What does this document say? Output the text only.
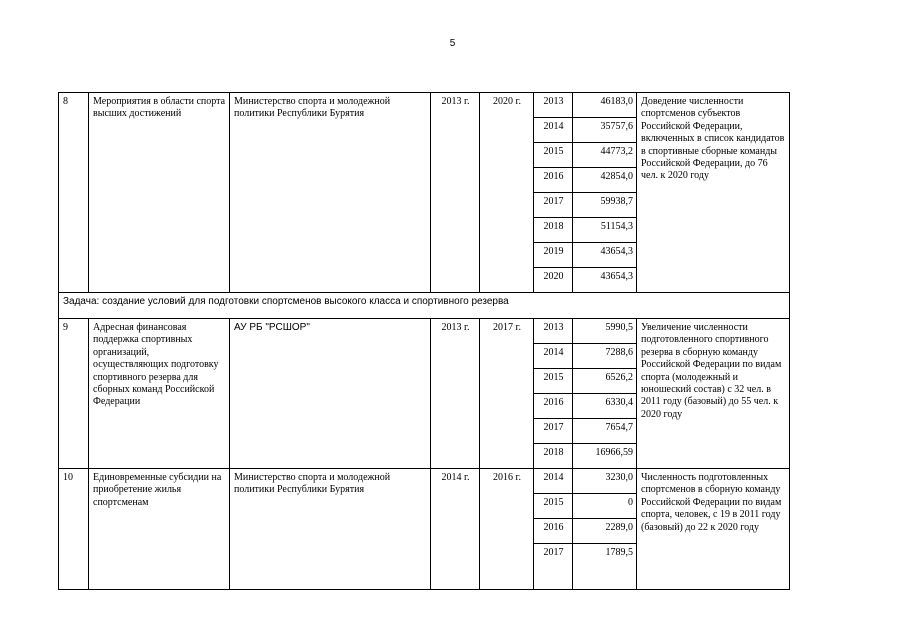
5
8	Мероприятия в области спорта высших достижений	Министерство спорта и молодежной политики Республики Бурятия	2013 г.	2020 г.	2013	46183,0	Доведение численности спортсменов субъектов Российской Федерации, включенных в список кандидатов в спортивные сборные команды Российской Федерации, до 76 чел. к 2020 году
					2014	35757,6	
					2015	44773,2	
					2016	42854,0	
					2017	59938,7	
					2018	51154,3	
					2019	43654,3	
					2020	43654,3	
Задача: создание условий для подготовки спортсменов высокого класса и спортивного резерва							
9	Адресная финансовая поддержка спортивных организаций, осуществляющих подготовку спортивного резерва для сборных команд Российской Федерации	АУ РБ "РСШОР"	2013 г.	2017 г.	2013	5990,5	Увеличение численности подготовленного спортивного резерва в сборную команду Российской Федерации по видам спорта (молодежный и юношеский состав) с 32 чел. в 2011 году (базовый) до 55 чел. к 2020 году
					2014	7288,6	
					2015	6526,2	
					2016	6330,4	
					2017	7654,7	
					2018	16966,59	
10	Единовременные субсидии на приобретение жилья спортсменам	Министерство спорта и молодежной политики Республики Бурятия	2014 г.	2016 г.	2014	3230,0	Численность подготовленных спортсменов в сборную команду Российской Федерации по видам спорта, человек, с 19 в 2011 году (базовый) до 22 к 2020 году
					2015	0	
					2016	2289,0	
					2017	1789,5	
